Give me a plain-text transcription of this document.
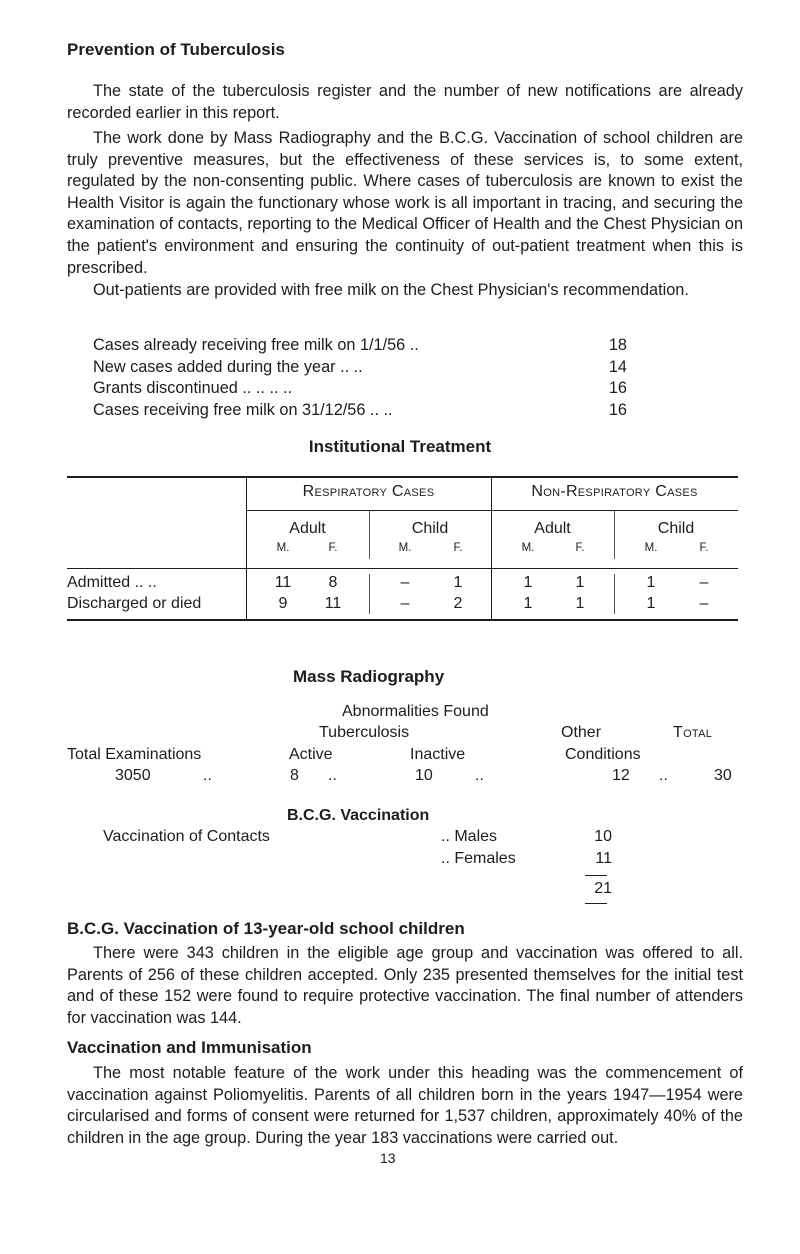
Prevention of Tuberculosis

The state of the tuberculosis register and the number of new notifications are already recorded earlier in this report.

The work done by Mass Radiography and the B.C.G. Vaccination of school children are truly preventive measures, but the effectiveness of these services is, to some extent, regulated by the non-consenting public. Where cases of tuberculosis are known to exist the Health Visitor is again the functionary whose work is all important in tracing, and securing the examination of contacts, reporting to the Medical Officer of Health and the Chest Physician on the patient's environment and ensuring the continuity of out-patient treatment when this is prescribed.

Out-patients are provided with free milk on the Chest Physician's recommendation.

Cases already receiving free milk on 1/1/56 ..	18
New cases added during the year .. ..	14
Grants discontinued .. .. .. ..	16
Cases receiving free milk on 31/12/56 .. ..	16
Institutional Treatment
Respiratory Cases	Non-Respiratory Cases
Adult	Child	Adult	Child
M.	F.	M.	F.	M.	F.	M.	F.
Admitted .. ..	11	8	–	1	1	1	1	–
Discharged or died	9	11	–	2	1	1	1	–
Mass Radiography
Abnormalities Found
Tuberculosis	Other	Total
Total Examinations	Active	Inactive	Conditions
3050	..	8 ..	10	..	12 ..	30
B.C.G. Vaccination
Vaccination of Contacts	.. Males	10
.. Females	11
21
B.C.G. Vaccination of 13-year-old school children

There were 343 children in the eligible age group and vaccination was offered to all. Parents of 256 of these children accepted. Only 235 presented themselves for the initial test and of these 152 were found to require protective vaccination. The final number of attenders for vaccination was 144.

Vaccination and Immunisation

The most notable feature of the work under this heading was the commencement of vaccination against Poliomyelitis. Parents of all children born in the years 1947—1954 were circularised and forms of consent were returned for 1,537 children, approximately 40% of the children in the age group. During the year 183 vaccinations were carried out.

13
